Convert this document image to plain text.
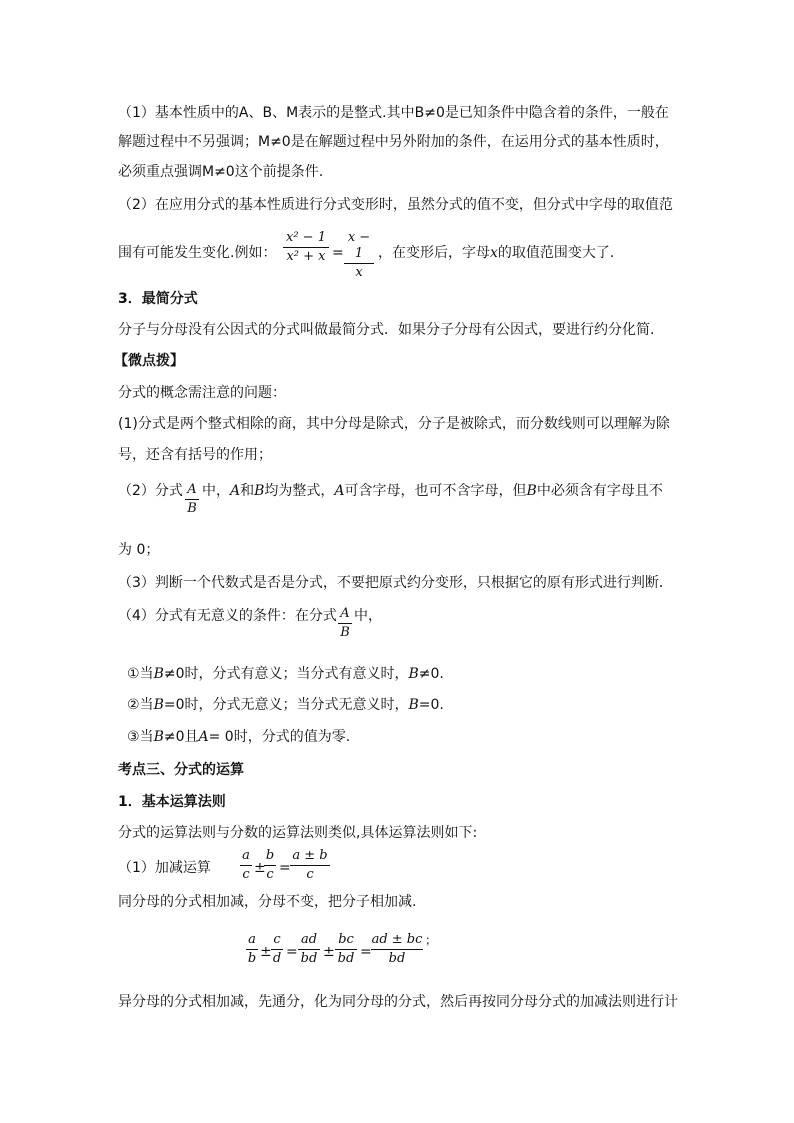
（1）基本性质中的A、B、M表示的是整式.其中B≠0是已知条件中隐含着的条件，一般在
解题过程中不另强调；M≠0是在解题过程中另外附加的条件，在运用分式的基本性质时，
必须重点强调M≠0这个前提条件.
（2）在应用分式的基本性质进行分式变形时，虽然分式的值不变，但分式中字母的取值范
围有可能发生变化.例如：
x² − 1
x² + x =
x − 1
x
，在变形后，字母x的取值范围变大了.
3．最简分式
分子与分母没有公因式的分式叫做最简分式．如果分子分母有公因式，要进行约分化简.
【微点拨】
分式的概念需注意的问题：
(1)分式是两个整式相除的商，其中分母是除式，分子是被除式，而分数线则可以理解为除
号，还含有括号的作用；
（2）分式 A
B
中，A和B均为整式，A可含字母，也可不含字母，但B中必须含有字母且不
为 0；
（3）判断一个代数式是否是分式，不要把原式约分变形，只根据它的原有形式进行判断．
（4）分式有无意义的条件：在分式 A
B
中，
①当B≠0时，分式有意义；当分式有意义时，B≠0.
②当B=0时，分式无意义；当分式无意义时，B=0.
③当B≠0且A= 0时，分式的值为零.
考点三、分式的运算
1．基本运算法则
分式的运算法则与分数的运算法则类似,具体运算法则如下:
（1）加减运算
a
c ±
b
c =
a ± b
c
同分母的分式相加减，分母不变，把分子相加减.
a
b ±
c
d =
ad
bd ±
bc
bd =
ad ± bc
bd
；
异分母的分式相加减，先通分，化为同分母的分式，然后再按同分母分式的加减法则进行计
